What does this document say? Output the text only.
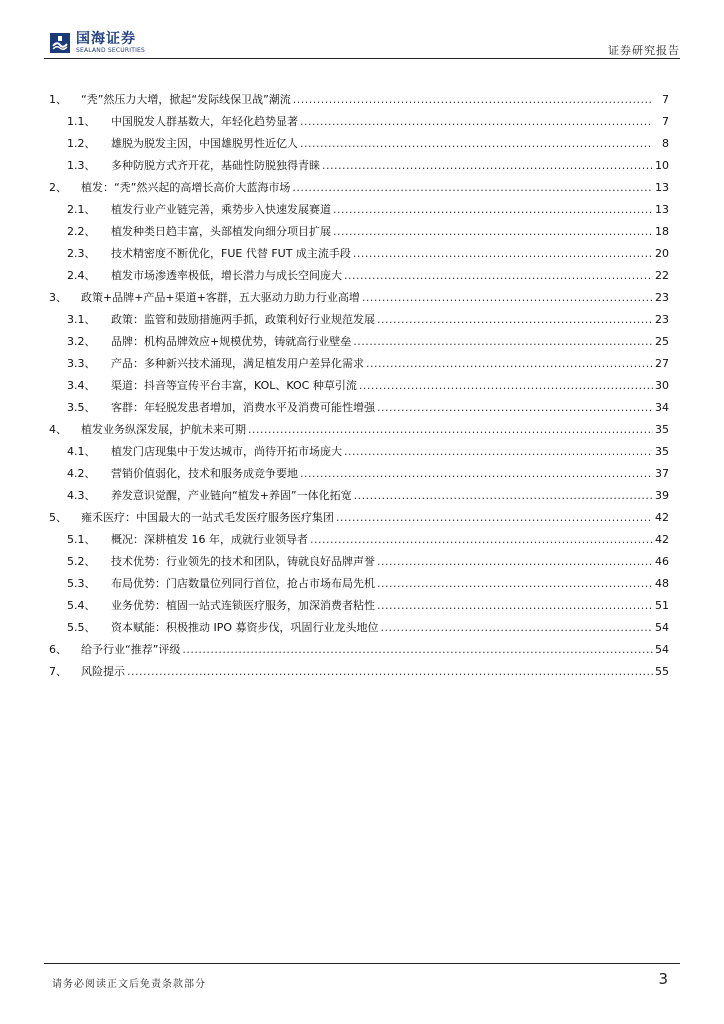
国海证券
SEALAND SECURITIES	证券研究报告
1、	“秃”然压力大增，掀起“发际线保卫战”潮流 .....	7
1.1、	中国脱发人群基数大，年轻化趋势显著 .....	7
1.2、	雄脱为脱发主因，中国雄脱男性近亿人 .....	8
1.3、	多种防脱方式齐开花，基础性防脱独得青睐 .....	10
2、	植发：“秃”然兴起的高增长高价大蓝海市场 .....	13
2.1、	植发行业产业链完善，乘势步入快速发展赛道 .....	13
2.2、	植发种类日趋丰富，头部植发向细分项目扩展 .....	18
2.3、	技术精密度不断优化，FUE 代替 FUT 成主流手段 .....	20
2.4、	植发市场渗透率极低，增长潜力与成长空间庞大 .....	22
3、	政策+品牌+产品+渠道+客群，五大驱动力助力行业高增 .....	23
3.1、	政策：监管和鼓励措施两手抓，政策利好行业规范发展 .....	23
3.2、	品牌：机构品牌效应+规模优势，铸就高行业壁垒 .....	25
3.3、	产品：多种新兴技术涌现，满足植发用户差异化需求 .....	27
3.4、	渠道：抖音等宣传平台丰富，KOL、KOC 种草引流 .....	30
3.5、	客群：年轻脱发患者增加，消费水平及消费可能性增强 .....	34
4、	植发业务纵深发展，护航未来可期 .....	35
4.1、	植发门店现集中于发达城市，尚待开拓市场庞大 .....	35
4.2、	营销价值弱化，技术和服务成竞争要地 .....	37
4.3、	养发意识觉醒，产业链向“植发+养固”一体化拓宽 .....	39
5、	雍禾医疗：中国最大的一站式毛发医疗服务医疗集团 .....	42
5.1、	概况：深耕植发 16 年，成就行业领导者 .....	42
5.2、	技术优势：行业领先的技术和团队，铸就良好品牌声誉 .....	46
5.3、	布局优势：门店数量位列同行首位，抢占市场布局先机 .....	48
5.4、	业务优势：植固一站式连锁医疗服务，加深消费者粘性 .....	51
5.5、	资本赋能：积极推动 IPO 募资步伐，巩固行业龙头地位 .....	54
6、	给予行业“推荐”评级 .....	54
7、	风险提示 .....	55
请务必阅读正文后免责条款部分	3
